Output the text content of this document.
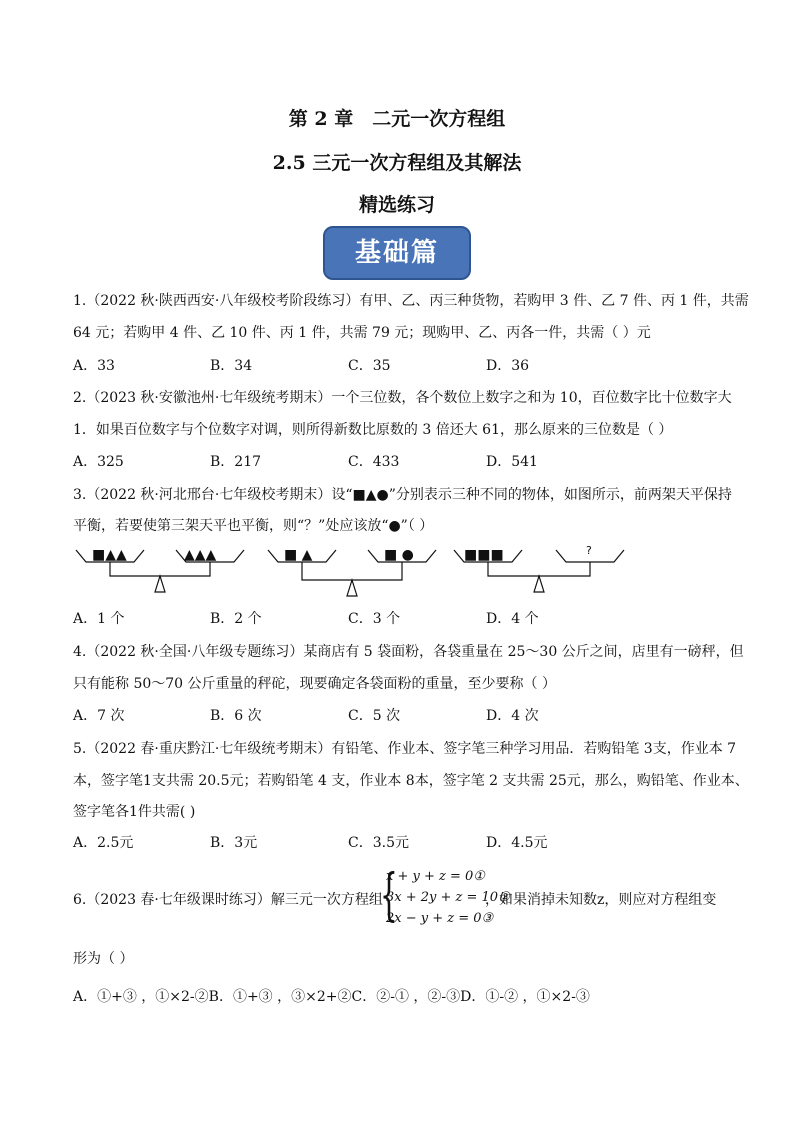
第 2 章　二元一次方程组
2.5 三元一次方程组及其解法
精选练习
基础篇
1.（2022 秋·陕西西安·八年级校考阶段练习）有甲、乙、丙三种货物，若购甲 3 件、乙 7 件、丙 1 件，共需
64 元；若购甲 4 件、乙 10 件、丙 1 件，共需 79 元；现购甲、乙、丙各一件，共需（ ）元
A．33	B．34	C．35	D．36
2.（2023 秋·安徽池州·七年级统考期末）一个三位数，各个数位上数字之和为 10，百位数字比十位数字大
1．如果百位数字与个位数字对调，则所得新数比原数的 3 倍还大 61，那么原来的三位数是（ ）
A．325	B．217	C．433	D．541
3.（2022 秋·河北邢台·七年级校考期末）设“■▲●”分别表示三种不同的物体，如图所示，前两架天平保持
平衡，若要使第三架天平也平衡，则“？”处应该放“●”（ ）
■▲▲	▲▲▲	■ ▲	■ ●	■■■	?
A．1 个	B．2 个	C．3 个	D．4 个
4.（2022 秋·全国·八年级专题练习）某商店有 5 袋面粉，各袋重量在 25～30 公斤之间，店里有一磅秤，但
只有能称 50～70 公斤重量的秤砣，现要确定各袋面粉的重量，至少要称（ ）
A．7 次	B．6 次	C．5 次	D．4 次
5.（2022 春·重庆黔江·七年级统考期末）有铅笔、作业本、签字笔三种学习用品．若购铅笔 3支，作业本 7
本，签字笔1支共需 20.5元；若购铅笔 4 支，作业本 8本，签字笔 2 支共需 25元，那么，购铅笔、作业本、
签字笔各1件共需( )
A．2.5元	B．3元	C．3.5元	D．4.5元
6.（2023 春·七年级课时练习）解三元一次方程组
{
x + y + z = 0①
3x + 2y + z = 10②
2x − y + z = 0③
，如果消掉未知数z，则应对方程组变
形为（ ）
A．①+③ ，①×2-②B．①+③ ，③×2+②C．②-① ，②-③D．①-② ，①×2-③
